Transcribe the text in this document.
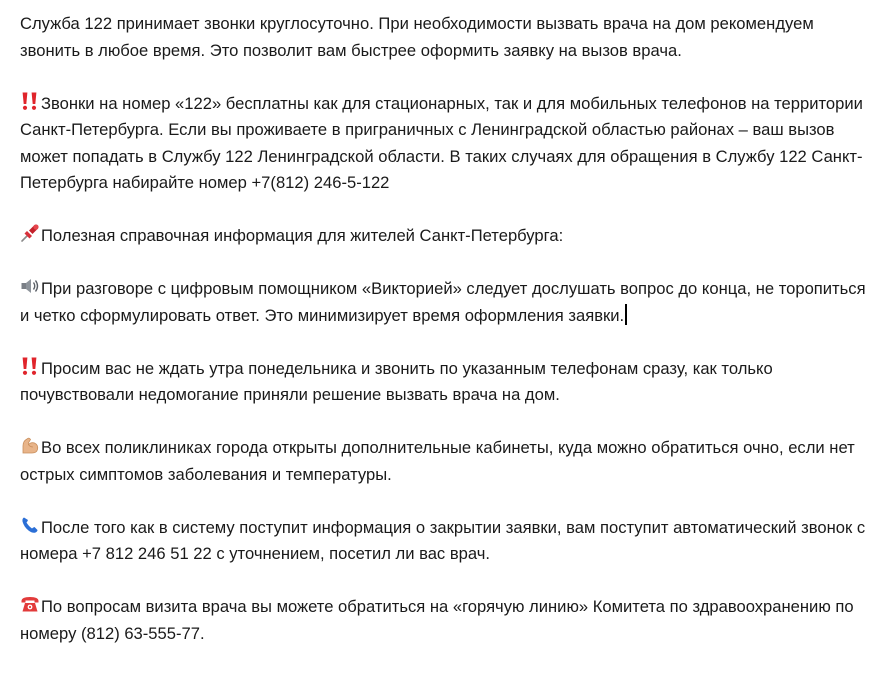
Служба 122 принимает звонки круглосуточно. При необходимости вызвать врача на дом рекомендуем звонить в любое время. Это позволит вам быстрее оформить заявку на вызов врача.

Звонки на номер «122» бесплатны как для стационарных, так и для мобильных телефонов на территории Санкт-Петербурга. Если вы проживаете в приграничных с Ленинградской областью районах – ваш вызов может попадать в Службу 122 Ленинградской области. В таких случаях для обращения в Службу 122 Санкт-Петербурга набирайте номер +7(812) 246-5-122

Полезная справочная информация для жителей Санкт-Петербурга:

При разговоре с цифровым помощником «Викторией» следует дослушать вопрос до конца, не торопиться и четко сформулировать ответ. Это минимизирует время оформления заявки.

Просим вас не ждать утра понедельника и звонить по указанным телефонам сразу, как только почувствовали недомогание приняли решение вызвать врача на дом.

Во всех поликлиниках города открыты дополнительные кабинеты, куда можно обратиться очно, если нет острых симптомов заболевания и температуры.

После того как в систему поступит информация о закрытии заявки, вам поступит автоматический звонок с номера +7 812 246 51 22 с уточнением, посетил ли вас врач.

По вопросам визита врача вы можете обратиться на «горячую линию» Комитета по здравоохранению по номеру (812) 63-555-77.
